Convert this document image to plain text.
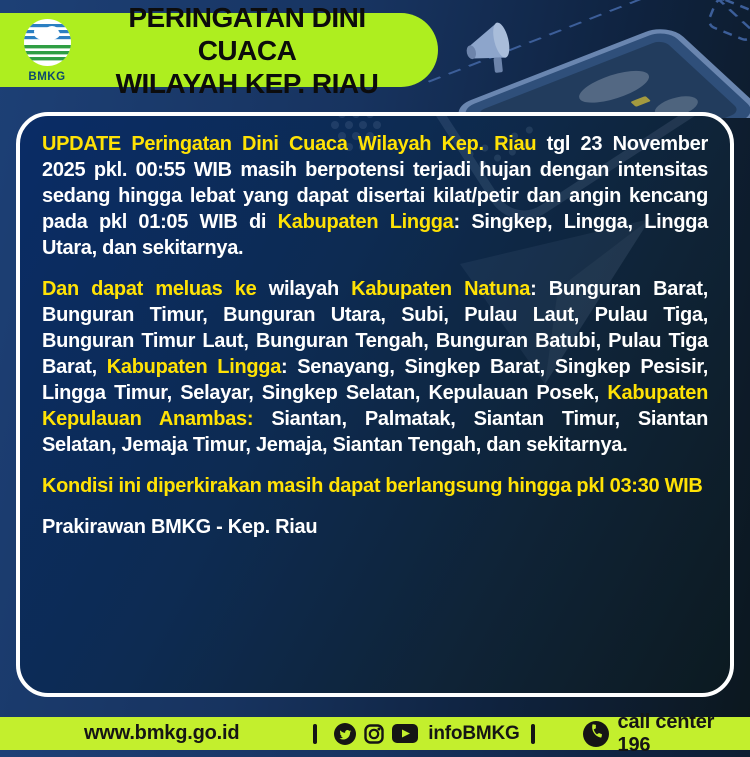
BMKG
PERINGATAN DINI CUACA
WILAYAH KEP. RIAU

UPDATE Peringatan Dini Cuaca Wilayah Kep. Riau tgl 23 November 2025 pkl. 00:55 WIB masih berpotensi terjadi hujan dengan intensitas sedang hingga lebat yang dapat disertai kilat/petir dan angin kencang pada pkl 01:05 WIB di Kabupaten Lingga: Singkep, Lingga, Lingga Utara, dan sekitarnya.

Dan dapat meluas ke wilayah Kabupaten Natuna: Bunguran Barat, Bunguran Timur, Bunguran Utara, Subi, Pulau Laut, Pulau Tiga, Bunguran Timur Laut, Bunguran Tengah, Bunguran Batubi, Pulau Tiga Barat, Kabupaten Lingga: Senayang, Singkep Barat, Singkep Pesisir, Lingga Timur, Selayar, Singkep Selatan, Kepulauan Posek, Kabupaten Kepulauan Anambas: Siantan, Palmatak, Siantan Timur, Siantan Selatan, Jemaja Timur, Jemaja, Siantan Tengah, dan sekitarnya.

Kondisi ini diperkirakan masih dapat berlangsung hingga pkl 03:30 WIB

Prakirawan BMKG - Kep. Riau

www.bmkg.go.id	infoBMKG
call center 196
